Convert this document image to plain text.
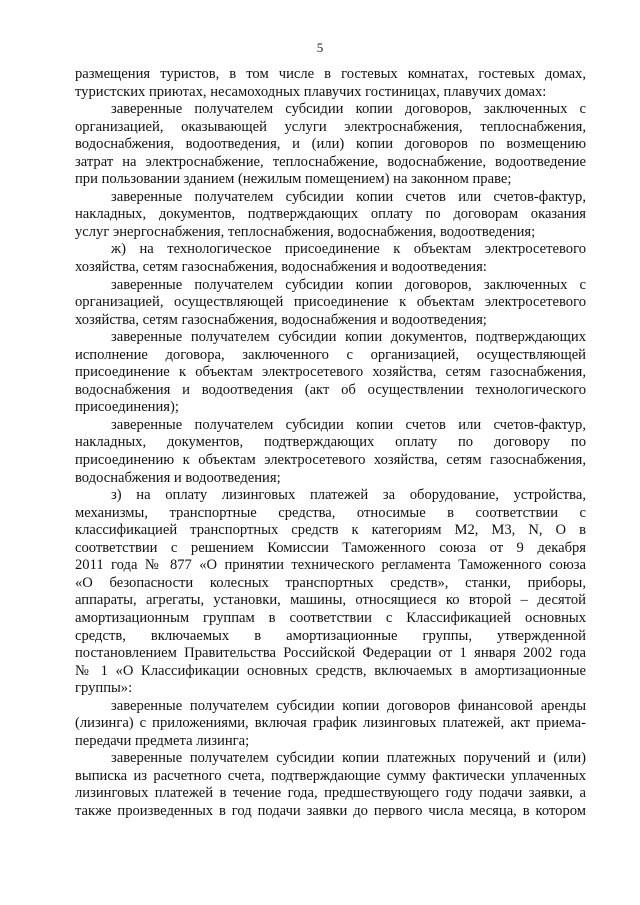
5
размещения туристов, в том числе в гостевых комнатах, гостевых домах,
туристских приютах, несамоходных плавучих гостиницах, плавучих домах:
заверенные получателем субсидии копии договоров, заключенных с
организацией, оказывающей услуги электроснабжения, теплоснабжения,
водоснабжения, водоотведения, и (или) копии договоров по возмещению
затрат на электроснабжение, теплоснабжение, водоснабжение, водоотведение
при пользовании зданием (нежилым помещением) на законном праве;
заверенные получателем субсидии копии счетов или счетов-фактур,
накладных, документов, подтверждающих оплату по договорам оказания
услуг энергоснабжения, теплоснабжения, водоснабжения, водоотведения;
ж) на технологическое присоединение к объектам электросетевого
хозяйства, сетям газоснабжения, водоснабжения и водоотведения:
заверенные получателем субсидии копии договоров, заключенных с
организацией, осуществляющей присоединение к объектам электросетевого
хозяйства, сетям газоснабжения, водоснабжения и водоотведения;
заверенные получателем субсидии копии документов, подтверждающих
исполнение договора, заключенного с организацией, осуществляющей
присоединение к объектам электросетевого хозяйства, сетям газоснабжения,
водоснабжения и водоотведения (акт об осуществлении технологического
присоединения);
заверенные получателем субсидии копии счетов или счетов-фактур,
накладных, документов, подтверждающих оплату по договору по
присоединению к объектам электросетевого хозяйства, сетям газоснабжения,
водоснабжения и водоотведения;
з) на оплату лизинговых платежей за оборудование, устройства,
механизмы, транспортные средства, относимые в соответствии с
классификацией транспортных средств к категориям M2, M3, N, O в
соответствии с решением Комиссии Таможенного союза от 9 декабря
2011 года № 877 «О принятии технического регламента Таможенного союза
«О безопасности колесных транспортных средств», станки, приборы,
аппараты, агрегаты, установки, машины, относящиеся ко второй – десятой
амортизационным группам в соответствии с Классификацией основных
средств, включаемых в амортизационные группы, утвержденной
постановлением Правительства Российской Федерации от 1 января 2002 года
№ 1 «О Классификации основных средств, включаемых в амортизационные
группы»:
заверенные получателем субсидии копии договоров финансовой аренды
(лизинга) с приложениями, включая график лизинговых платежей, акт приема-
передачи предмета лизинга;
заверенные получателем субсидии копии платежных поручений и (или)
выписка из расчетного счета, подтверждающие сумму фактически уплаченных
лизинговых платежей в течение года, предшествующего году подачи заявки, а
также произведенных в год подачи заявки до первого числа месяца, в котором
